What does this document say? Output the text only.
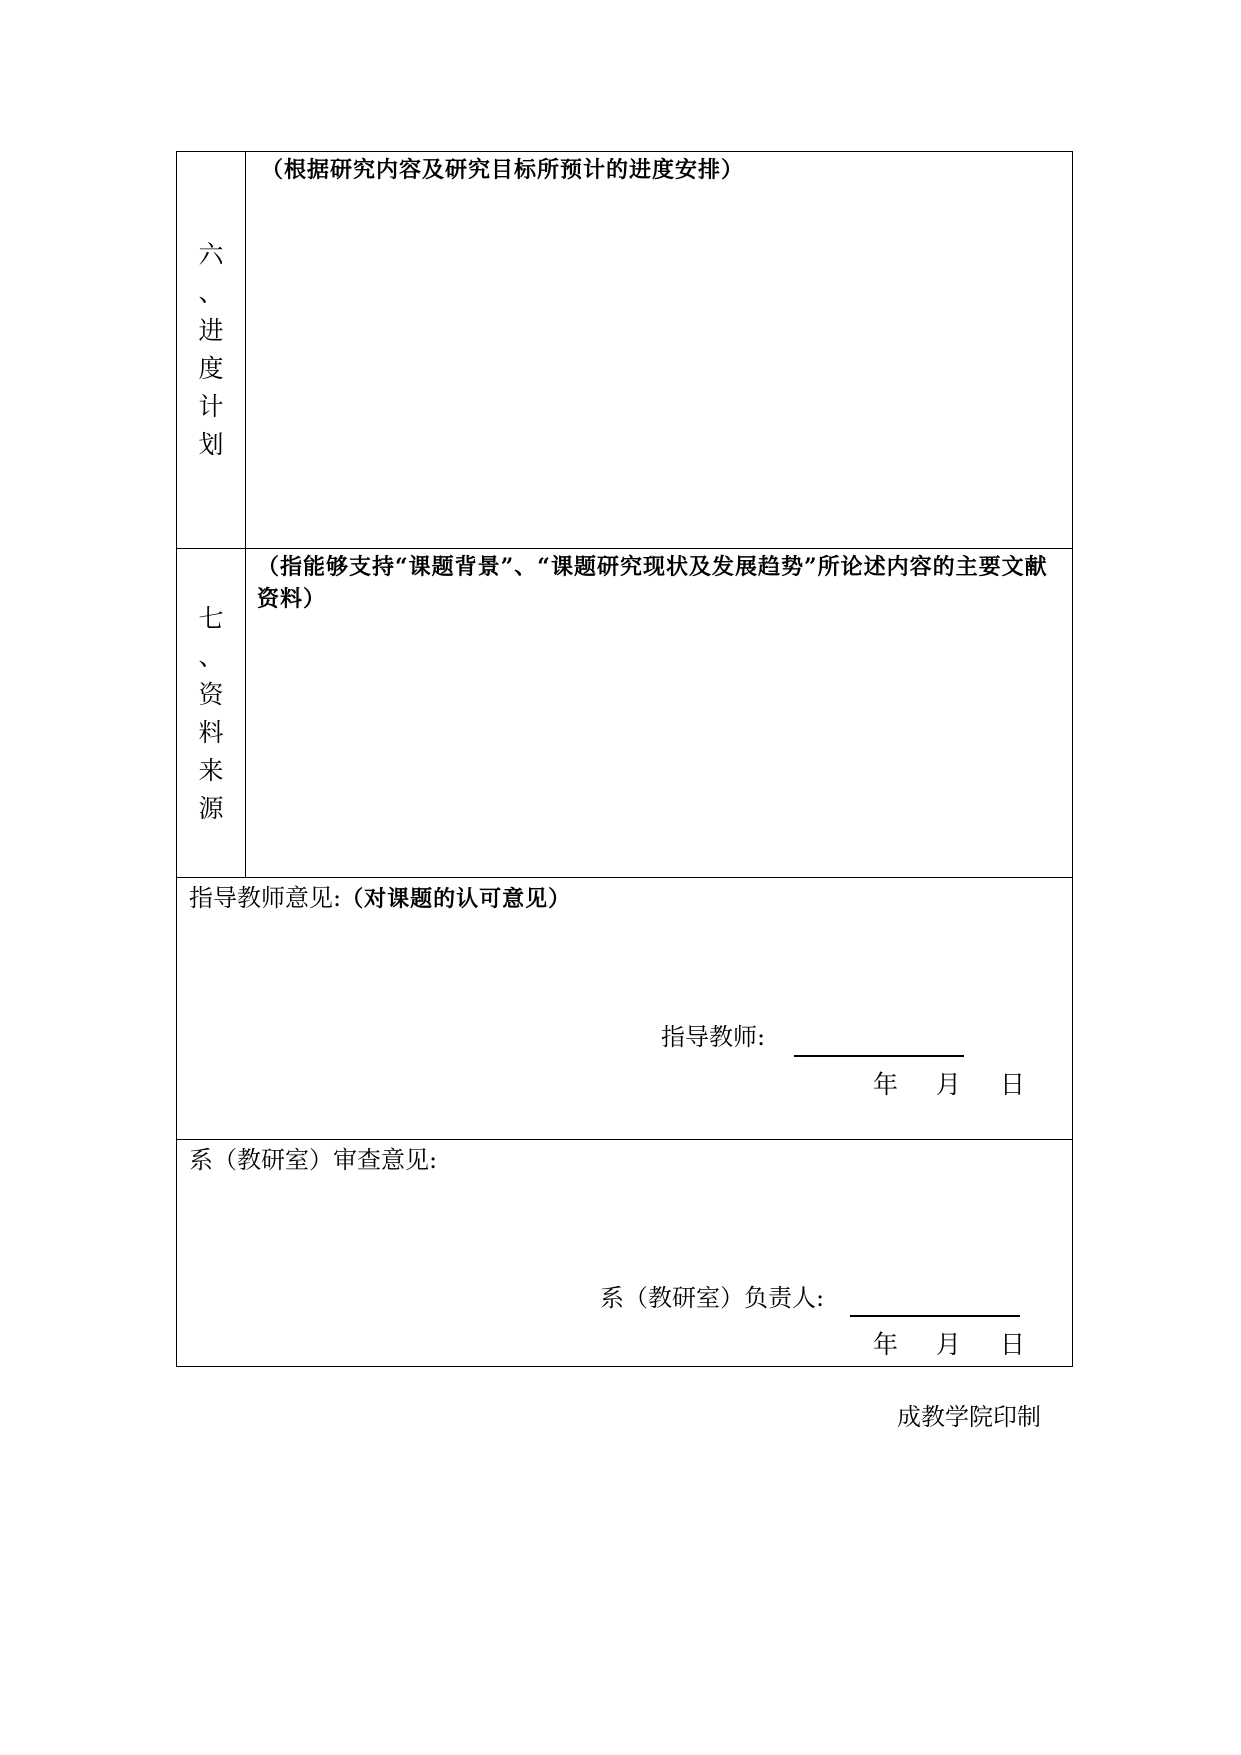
六
、
进
度
计
划
（根据研究内容及研究目标所预计的进度安排）
七
、
资
料
来
源
（指能够支持“课题背景”、“课题研究现状及发展趋势”所论述内容的主要文献资料）
指导教师意见:（对课题的认可意见）
指导教师:
年 月 日
系（教研室）审查意见:
系（教研室）负责人:
年 月 日
成教学院印制
